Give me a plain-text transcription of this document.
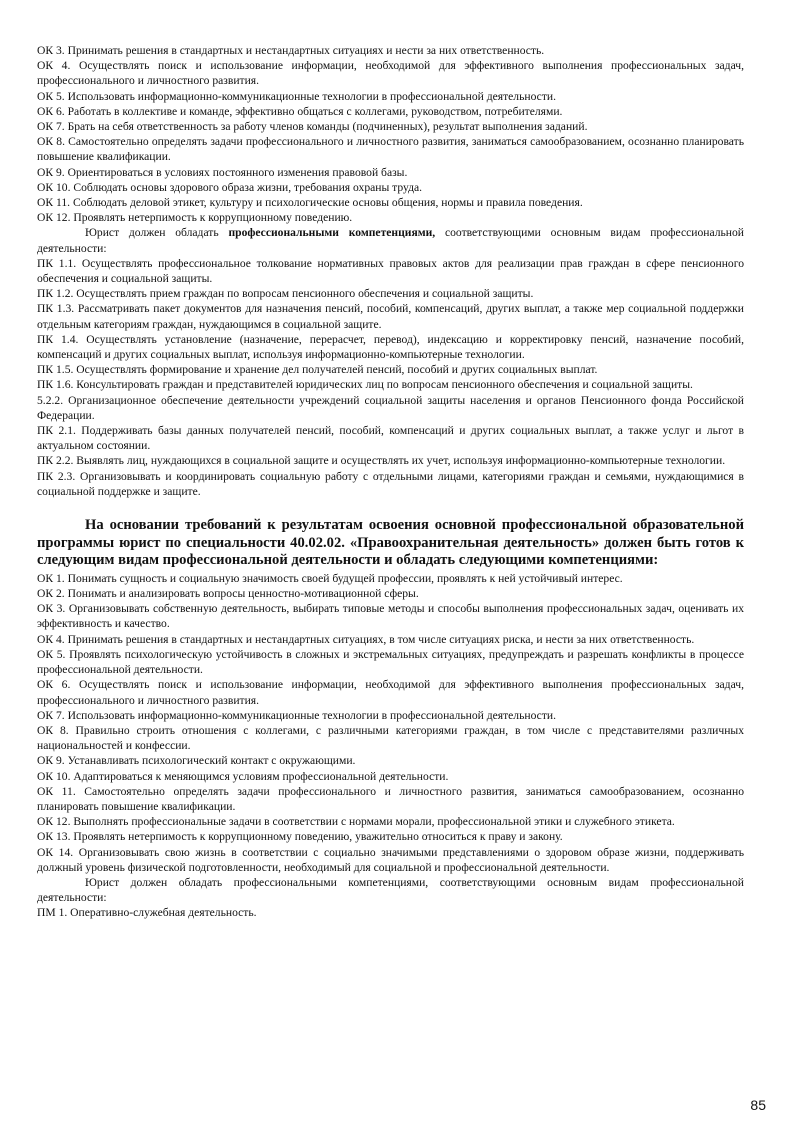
ОК 3. Принимать решения в стандартных и нестандартных ситуациях и нести за них ответственность.

ОК 4. Осуществлять поиск и использование информации, необходимой для эффективного выполнения профессиональных задач, профессионального и личностного развития.

ОК 5. Использовать информационно-коммуникационные технологии в профессиональной деятельности.

ОК 6. Работать в коллективе и команде, эффективно общаться с коллегами, руководством, потребителями.

ОК 7. Брать на себя ответственность за работу членов команды (подчиненных), результат выполнения заданий.

ОК 8. Самостоятельно определять задачи профессионального и личностного развития, заниматься самообразованием, осознанно планировать повышение квалификации.

ОК 9. Ориентироваться в условиях постоянного изменения правовой базы.

ОК 10. Соблюдать основы здорового образа жизни, требования охраны труда.

ОК 11. Соблюдать деловой этикет, культуру и психологические основы общения, нормы и правила поведения.

ОК 12. Проявлять нетерпимость к коррупционному поведению.

Юрист должен обладать профессиональными компетенциями, соответствующими основным видам профессиональной деятельности:

ПК 1.1. Осуществлять профессиональное толкование нормативных правовых актов для реализации прав граждан в сфере пенсионного обеспечения и социальной защиты.

ПК 1.2. Осуществлять прием граждан по вопросам пенсионного обеспечения и социальной защиты.

ПК 1.3. Рассматривать пакет документов для назначения пенсий, пособий, компенсаций, других выплат, а также мер социальной поддержки отдельным категориям граждан, нуждающимся в социальной защите.

ПК 1.4. Осуществлять установление (назначение, перерасчет, перевод), индексацию и корректировку пенсий, назначение пособий, компенсаций и других социальных выплат, используя информационно-компьютерные технологии.

ПК 1.5. Осуществлять формирование и хранение дел получателей пенсий, пособий и других социальных выплат.

ПК 1.6. Консультировать граждан и представителей юридических лиц по вопросам пенсионного обеспечения и социальной защиты.

5.2.2. Организационное обеспечение деятельности учреждений социальной защиты населения и органов Пенсионного фонда Российской Федерации.

ПК 2.1. Поддерживать базы данных получателей пенсий, пособий, компенсаций и других социальных выплат, а также услуг и льгот в актуальном состоянии.

ПК 2.2. Выявлять лиц, нуждающихся в социальной защите и осуществлять их учет, используя информационно-компьютерные технологии.

ПК 2.3. Организовывать и координировать социальную работу с отдельными лицами, категориями граждан и семьями, нуждающимися в социальной поддержке и защите.

На основании требований к результатам освоения основной профессиональной образовательной программы юрист по специальности 40.02.02. «Правоохранительная деятельность» должен быть готов к следующим видам профессиональной деятельности и обладать следующими компетенциями:

ОК 1. Понимать сущность и социальную значимость своей будущей профессии, проявлять к ней устойчивый интерес.

ОК 2. Понимать и анализировать вопросы ценностно-мотивационной сферы.

ОК 3. Организовывать собственную деятельность, выбирать типовые методы и способы выполнения профессиональных задач, оценивать их эффективность и качество.

ОК 4. Принимать решения в стандартных и нестандартных ситуациях, в том числе ситуациях риска, и нести за них ответственность.

ОК 5. Проявлять психологическую устойчивость в сложных и экстремальных ситуациях, предупреждать и разрешать конфликты в процессе профессиональной деятельности.

ОК 6. Осуществлять поиск и использование информации, необходимой для эффективного выполнения профессиональных задач, профессионального и личностного развития.

ОК 7. Использовать информационно-коммуникационные технологии в профессиональной деятельности.

ОК 8. Правильно строить отношения с коллегами, с различными категориями граждан, в том числе с представителями различных национальностей и конфессии.

ОК 9. Устанавливать психологический контакт с окружающими.

ОК 10. Адаптироваться к меняющимся условиям профессиональной деятельности.

ОК 11. Самостоятельно определять задачи профессионального и личностного развития, заниматься самообразованием, осознанно планировать повышение квалификации.

ОК 12. Выполнять профессиональные задачи в соответствии с нормами морали, профессиональной этики и служебного этикета.

ОК 13. Проявлять нетерпимость к коррупционному поведению, уважительно относиться к праву и закону.

ОК 14. Организовывать свою жизнь в соответствии с социально значимыми представлениями о здоровом образе жизни, поддерживать должный уровень физической подготовленности, необходимый для социальной и профессиональной деятельности.

Юрист должен обладать профессиональными компетенциями, соответствующими основным видам профессиональной деятельности:

ПМ 1. Оперативно-служебная деятельность.

85
